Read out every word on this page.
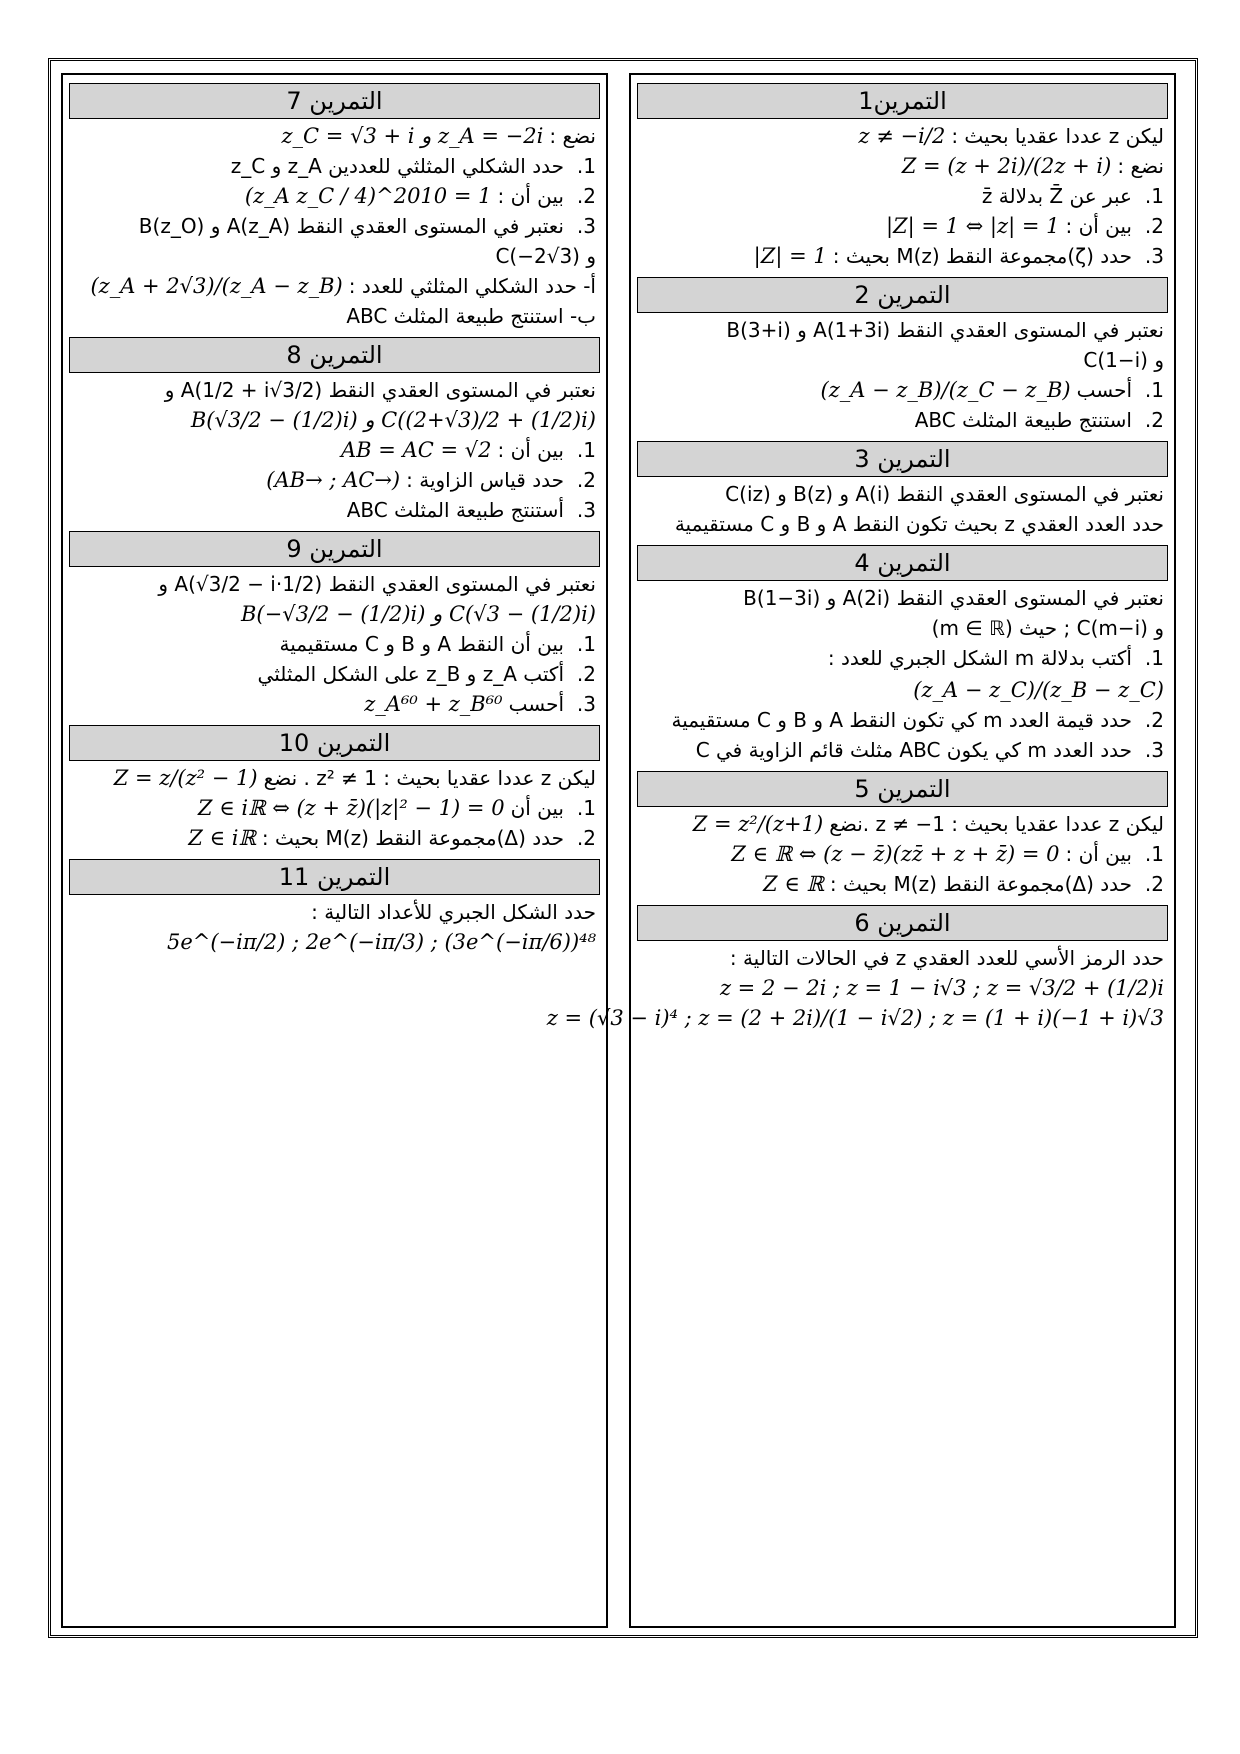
التمرين1
ليكن z عددا عقديا بحيث :
z ≠ −i/2
نضع :
Z = (z + 2i)/(2z + i)
1.
عبر عن Z̄ بدلالة z̄
2.
بين أن :
|Z| = 1 ⇔ |z| = 1
3.
حدد (ζ)مجموعة النقط M(z) بحيث :
|Z| = 1
التمرين 2
نعتبر في المستوى العقدي النقط A(1+3i) و B(3+i)
و C(1−i)
1.
أحسب
(z_A − z_B)/(z_C − z_B)
2.
استنتج طبيعة المثلث ABC
التمرين 3
نعتبر في المستوى العقدي النقط A(i) و B(z) و C(iz)
حدد العدد العقدي z بحيث تكون النقط A و B و C مستقيمية
التمرين 4
نعتبر في المستوى العقدي النقط A(2i) و B(1−3i)
و C(m−i) ; حيث (m ∈ ℝ)
1.
أكتب بدلالة m الشكل الجبري للعدد :
(z_A − z_C)/(z_B − z_C)
2.
حدد قيمة العدد m كي تكون النقط A و B و C مستقيمية
3.
حدد العدد m كي يكون ABC مثلث قائم الزاوية في C
التمرين 5
ليكن z عددا عقديا بحيث : z ≠ −1 .نضع
Z = z²/(z+1)
1.
بين أن :
Z ∈ ℝ ⇔ (z − z̄)(zz̄ + z + z̄) = 0
2.
حدد (Δ)مجموعة النقط M(z) بحيث :
Z ∈ ℝ
التمرين 6
حدد الرمز الأسي للعدد العقدي z في الحالات التالية :
z = 2 − 2i ; z = 1 − i√3 ; z = √3/2 + (1/2)i
z = (√3 − i)⁴ ; z = (2 + 2i)/(1 − i√2) ; z = (1 + i)(−1 + i)√3
التمرين 7
نضع :
z_C = √3 + i و z_A = −2i
1.
حدد الشكلي المثلثي للعددين z_A و z_C
2.
بين أن :
(z_A z_C / 4)^2010 = 1
3.
نعتبر في المستوى العقدي النقط A(z_A) و B(z_O)
و C(−2√3)
أ- حدد الشكلي المثلثي للعدد :
(z_A + 2√3)/(z_A − z_B)
ب- استنتج طبيعة المثلث ABC
التمرين 8
نعتبر في المستوى العقدي النقط A(1/2 + i√3/2) و
B(√3/2 − (1/2)i) و C((2+√3)/2 + (1/2)i)
1.
بين أن :
AB = AC = √2
2.
حدد قياس الزاوية :
(AB→ ; AC→)
3.
أستنتج طبيعة المثلث ABC
التمرين 9
نعتبر في المستوى العقدي النقط A(√3/2 − i·1/2) و
B(−√3/2 − (1/2)i) و C(√3 − (1/2)i)
1.
بين أن النقط A و B و C مستقيمية
2.
أكتب z_A و z_B على الشكل المثلثي
3.
أحسب
z_A⁶⁰ + z_B⁶⁰
التمرين 10
ليكن z عددا عقديا بحيث : z² ≠ 1 . نضع
Z = z/(z² − 1)
1.
بين أن
Z ∈ iℝ ⇔ (z + z̄)(|z|² − 1) = 0
2.
حدد (Δ)مجموعة النقط M(z) بحيث :
Z ∈ iℝ
التمرين 11
حدد الشكل الجبري للأعداد التالية :
5e^(−iπ/2) ; 2e^(−iπ/3) ; (3e^(−iπ/6))⁴⁸
